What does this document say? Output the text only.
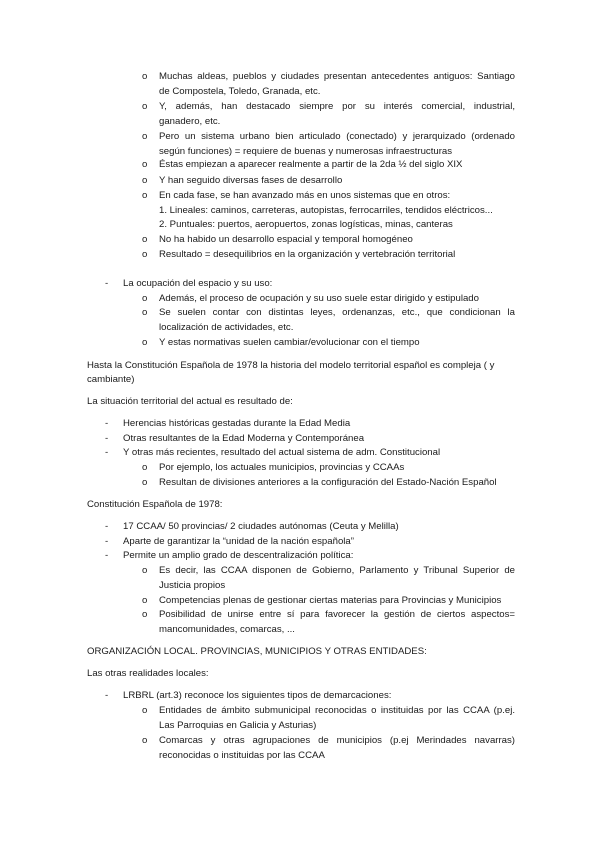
o Muchas aldeas, pueblos y ciudades presentan antecedentes antiguos: Santiago
de Compostela, Toledo, Granada, etc.
o Y, además, han destacado siempre por su interés comercial, industrial,
ganadero, etc.
o Pero un sistema urbano bien articulado (conectado) y jerarquizado (ordenado
según funciones) = requiere de buenas y numerosas infraestructuras
o Éstas empiezan a aparecer realmente a partir de la 2da ½ del siglo XIX
o Y han seguido diversas fases de desarrollo
o En cada fase, se han avanzado más en unos sistemas que en otros:
1. Lineales: caminos, carreteras, autopistas, ferrocarriles, tendidos eléctricos...
2. Puntuales: puertos, aeropuertos, zonas logísticas, minas, canteras
o No ha habido un desarrollo espacial y temporal homogéneo
o Resultado = desequilibrios en la organización y vertebración territorial
- La ocupación del espacio y su uso:
o Además, el proceso de ocupación y su uso suele estar dirigido y estipulado
o Se suelen contar con distintas leyes, ordenanzas, etc., que condicionan la
localización de actividades, etc.
o Y estas normativas suelen cambiar/evolucionar con el tiempo
Hasta la Constitución Española de 1978 la historia del modelo territorial español es compleja ( y
cambiante)
La situación territorial del actual es resultado de:
- Herencias históricas gestadas durante la Edad Media
- Otras resultantes de la Edad Moderna y Contemporánea
- Y otras más recientes, resultado del actual sistema de adm. Constitucional
o Por ejemplo, los actuales municipios, provincias y CCAAs
o Resultan de divisiones anteriores a la configuración del Estado-Nación Español
Constitución Española de 1978:
- 17 CCAA/ 50 provincias/ 2 ciudades autónomas (Ceuta y Melilla)
- Aparte de garantizar la “unidad de la nación española”
- Permite un amplio grado de descentralización política:
o Es decir, las CCAA disponen de Gobierno, Parlamento y Tribunal Superior de
Justicia propios
o Competencias plenas de gestionar ciertas materias para Provincias y Municipios
o Posibilidad de unirse entre sí para favorecer la gestión de ciertos aspectos=
mancomunidades, comarcas, ...
ORGANIZACIÓN LOCAL. PROVINCIAS, MUNICIPIOS Y OTRAS ENTIDADES:
Las otras realidades locales:
- LRBRL (art.3) reconoce los siguientes tipos de demarcaciones:
o Entidades de ámbito submunicipal reconocidas o instituidas por las CCAA (p.ej.
Las Parroquias en Galicia y Asturias)
o Comarcas y otras agrupaciones de municipios (p.ej Merindades navarras)
reconocidas o instituidas por las CCAA
